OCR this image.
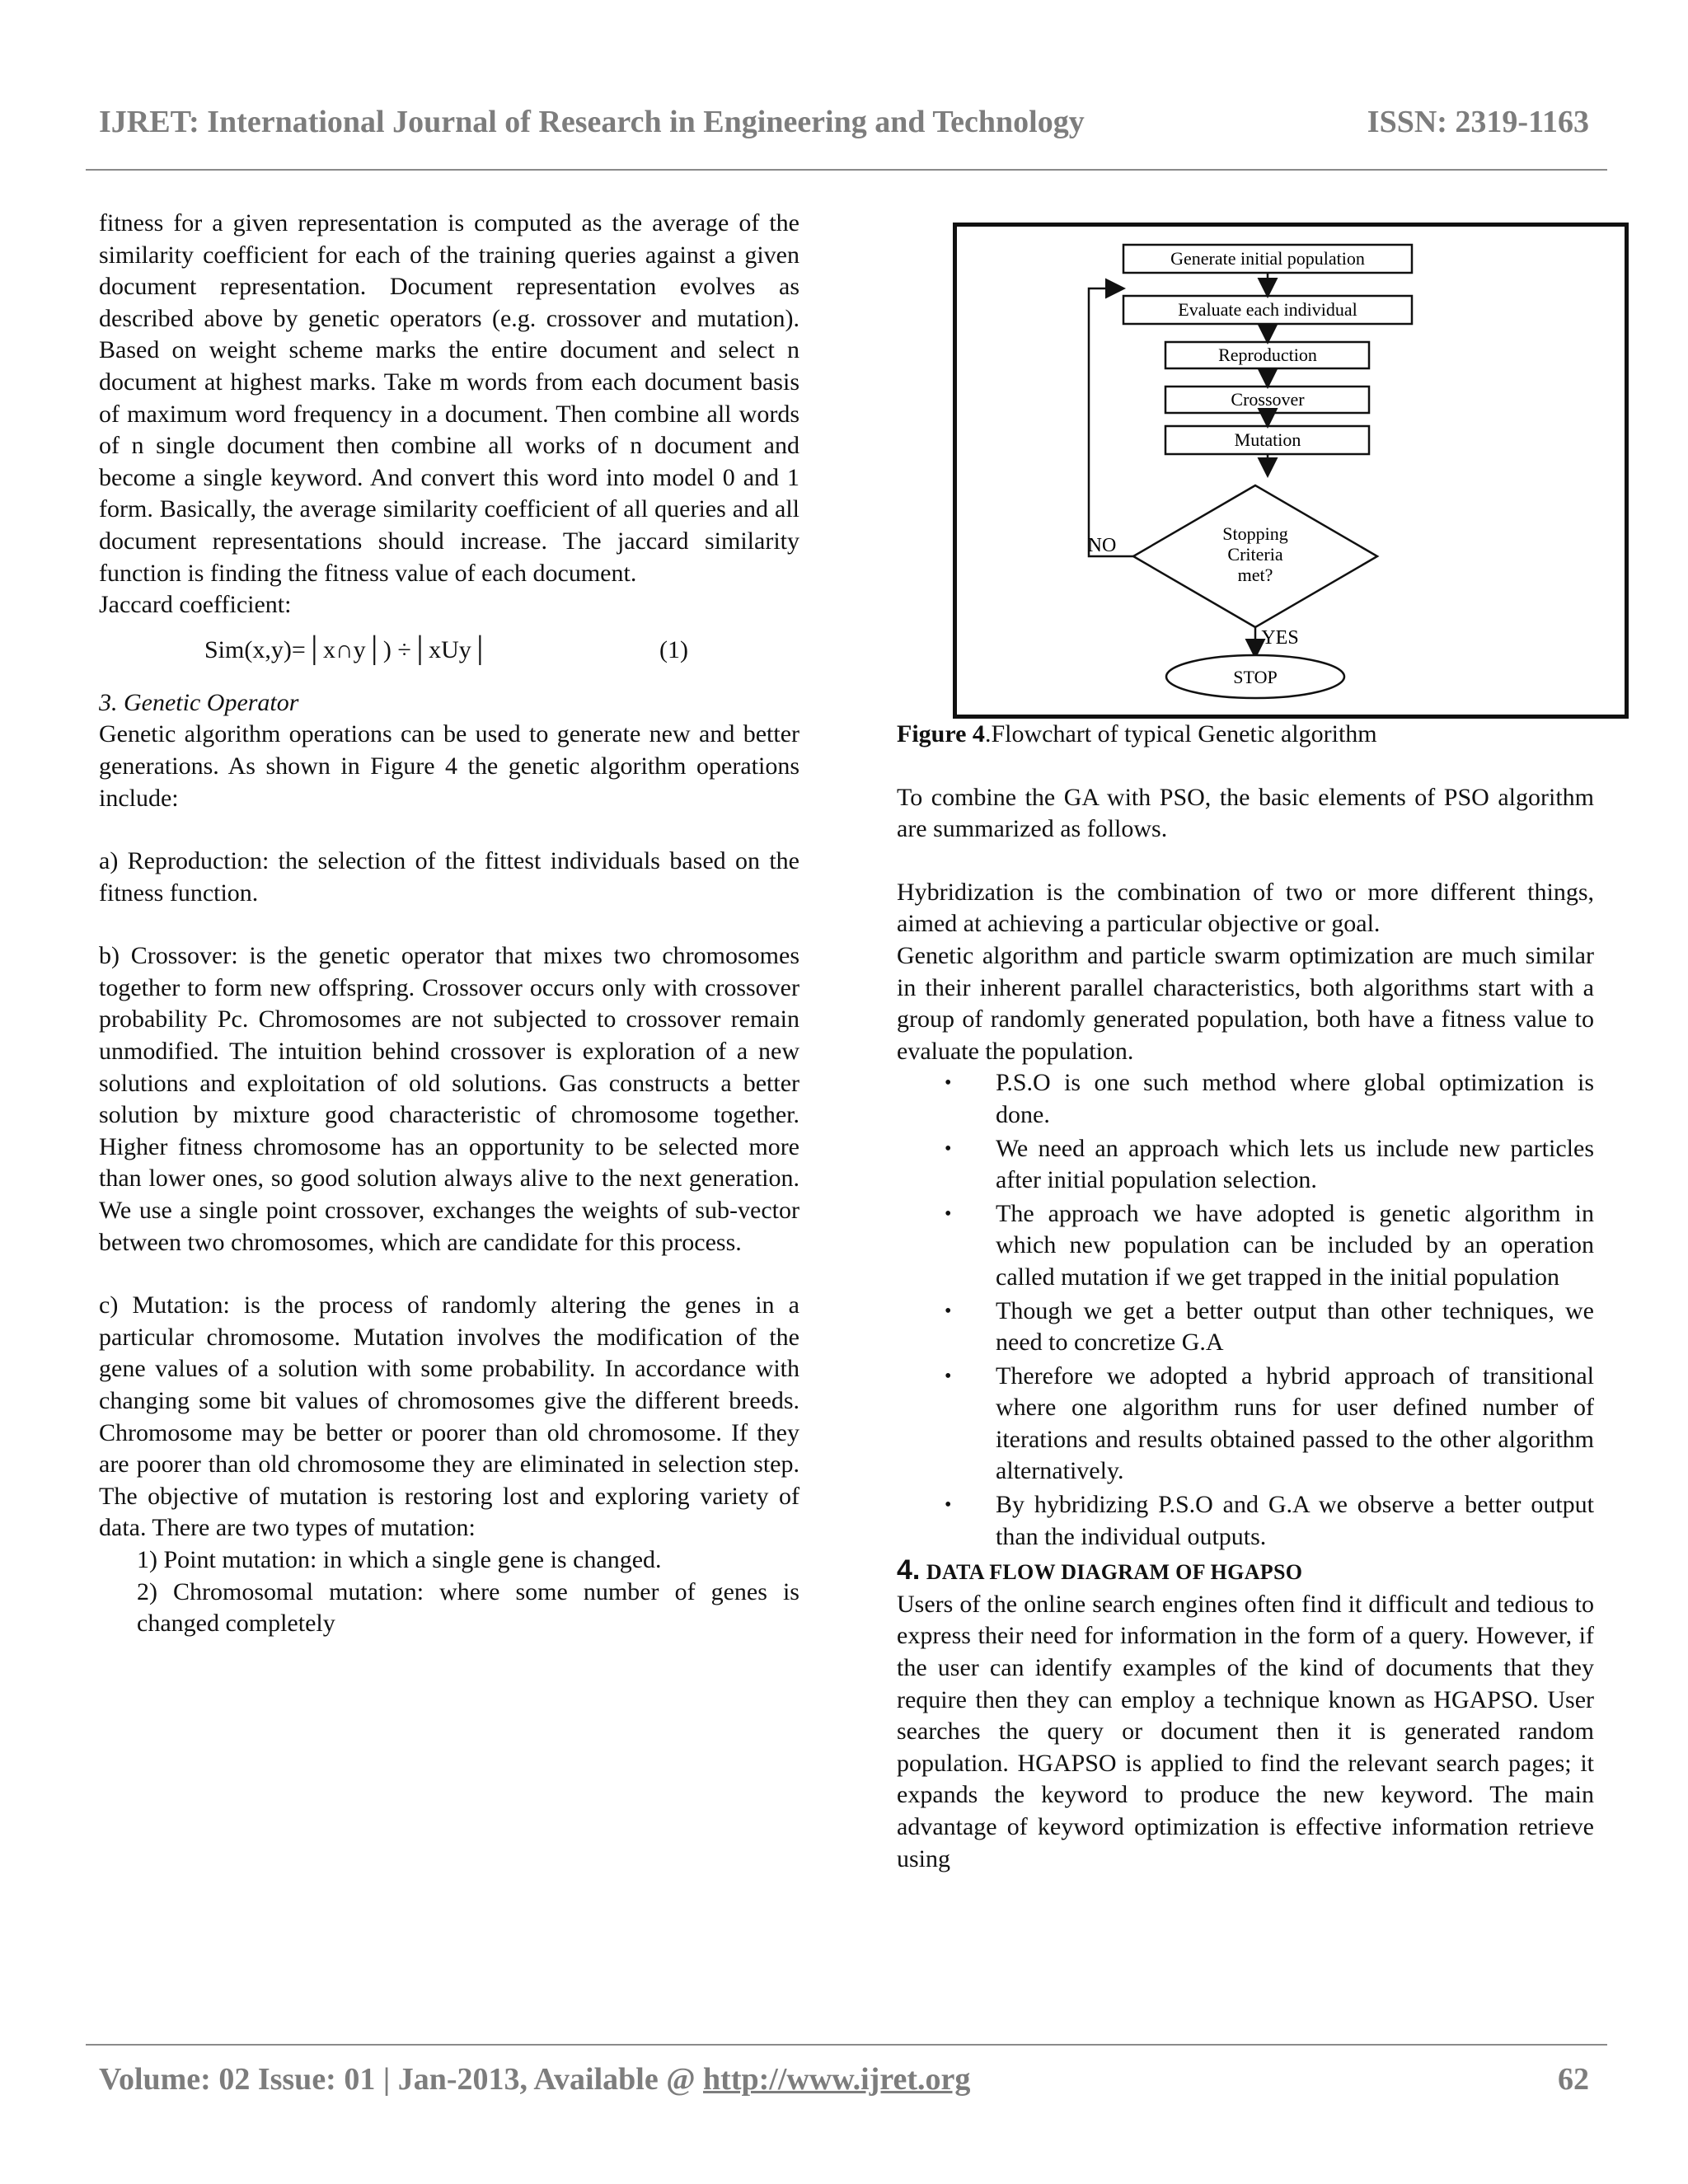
IJRET: International Journal of Research in Engineering and Technology	ISSN: 2319-1163

fitness for a given representation is computed as the average of the similarity coefficient for each of the training queries against a given document representation. Document representation evolves as described above by genetic operators (e.g. crossover and mutation). Based on weight scheme marks the entire document and select n document at highest marks. Take m words from each document basis of maximum word frequency in a document. Then combine all words of n single document then combine all works of n document and become a single keyword. And convert this word into model 0 and 1 form. Basically, the average similarity coefficient of all queries and all document representations should increase. The jaccard similarity function is finding the fitness value of each document.

Jaccard coefficient:

Sim(x,y)=│x∩y│) ÷│xUy│	(1)

3. Genetic Operator

Genetic algorithm operations can be used to generate new and better generations. As shown in Figure 4 the genetic algorithm operations include:

a) Reproduction: the selection of the fittest individuals based on the fitness function.

b) Crossover: is the genetic operator that mixes two chromosomes together to form new offspring. Crossover occurs only with crossover probability Pc. Chromosomes are not subjected to crossover remain unmodified. The intuition behind crossover is exploration of a new solutions and exploitation of old solutions. Gas constructs a better solution by mixture good characteristic of chromosome together. Higher fitness chromosome has an opportunity to be selected more than lower ones, so good solution always alive to the next generation. We use a single point crossover, exchanges the weights of sub-vector between two chromosomes, which are candidate for this process.

c) Mutation: is the process of randomly altering the genes in a particular chromosome. Mutation involves the modification of the gene values of a solution with some probability. In accordance with changing some bit values of chromosomes give the different breeds. Chromosome may be better or poorer than old chromosome. If they are poorer than old chromosome they are eliminated in selection step. The objective of mutation is restoring lost and exploring variety of data. There are two types of mutation:

1) Point mutation: in which a single gene is changed.

2) Chromosomal mutation: where some number of genes is changed completely

Generate initial population
Evaluate each individual
Reproduction
Crossover
Mutation
Stopping
Criteria
met?
NO
YES
STOP

Figure 4.Flowchart of typical Genetic algorithm

To combine the GA with PSO, the basic elements of PSO algorithm are summarized as follows.

Hybridization is the combination of two or more different things, aimed at achieving a particular objective or goal.

Genetic algorithm and particle swarm optimization are much similar in their inherent parallel characteristics, both algorithms start with a group of randomly generated population, both have a fitness value to evaluate the population.

• P.S.O is one such method where global optimization is done.
• We need an approach which lets us include new particles after initial population selection.
• The approach we have adopted is genetic algorithm in which new population can be included by an operation called mutation if we get trapped in the initial population
• Though we get a better output than other techniques, we need to concretize G.A
• Therefore we adopted a hybrid approach of transitional where one algorithm runs for user defined number of iterations and results obtained passed to the other algorithm alternatively.
• By hybridizing P.S.O and G.A we observe a better output than the individual outputs.

4. DATA FLOW DIAGRAM OF HGAPSO

Users of the online search engines often find it difficult and tedious to express their need for information in the form of a query. However, if the user can identify examples of the kind of documents that they require then they can employ a technique known as HGAPSO. User searches the query or document then it is generated random population. HGAPSO is applied to find the relevant search pages; it expands the keyword to produce the new keyword. The main advantage of keyword optimization is effective information retrieve using

Volume: 02 Issue: 01 | Jan-2013, Available @ http://www.ijret.org	62
